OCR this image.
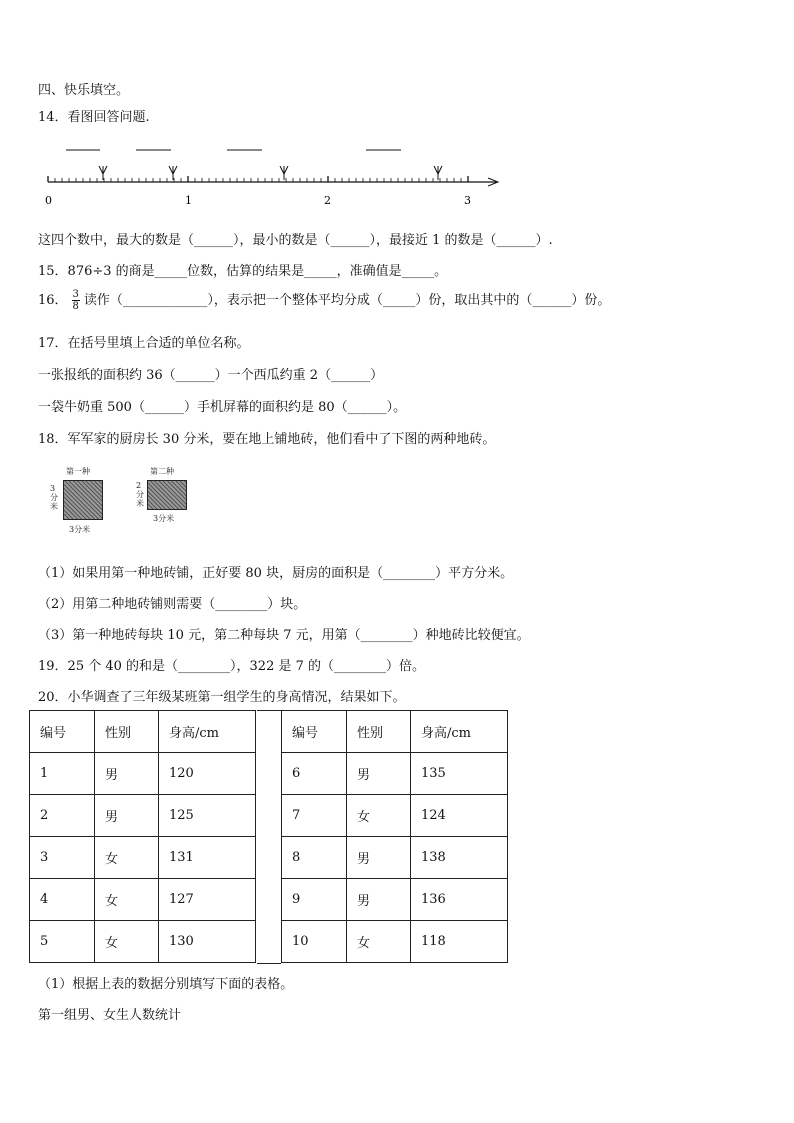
四、快乐填空。
14．看图回答问题.
0	1	2	3
这四个数中，最大的数是（______），最小的数是（______），最接近 1 的数是（______）.
15．876÷3 的商是_____位数，估算的结果是_____，准确值是_____。
16． $\frac{3}{8}$ 读作（_____________），表示把一个整体平均分成（_____）份，取出其中的（______）份。
17．在括号里填上合适的单位名称。
一张报纸的面积约 36（______）一个西瓜约重 2（______）
一袋牛奶重 500（______）手机屏幕的面积约是 80（______）。
18．军军家的厨房长 30 分米，要在地上铺地砖，他们看中了下图的两种地砖。
第一种
3
分
米
3分米
第二种
2
分
米
3分米
（1）如果用第一种地砖铺，正好要 80 块，厨房的面积是（________）平方分米。
（2）用第二种地砖铺则需要（________）块。
（3）第一种地砖每块 10 元，第二种每块 7 元，用第（________）种地砖比较便宜。
19．25 个 40 的和是（________），322 是 7 的（________）倍。
20．小华调查了三年级某班第一组学生的身高情况，结果如下。
编号	性别	身高/cm
1	男	120
2	男	125
3	女	131
4	女	127
5	女	130
编号	性别	身高/cm
6	男	135
7	女	124
8	男	138
9	男	136
10	女	118
（1）根据上表的数据分别填写下面的表格。
第一组男、女生人数统计
